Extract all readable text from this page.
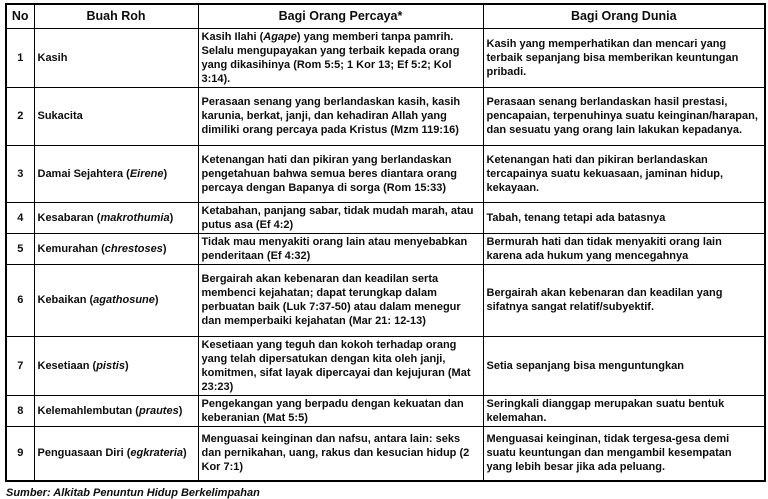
No	Buah Roh	Bagi Orang Percaya*	Bagi Orang Dunia
1	Kasih	Kasih Ilahi (Agape) yang memberi tanpa pamrih. Selalu mengupayakan yang terbaik kepada orang yang dikasihinya (Rom 5:5; 1 Kor 13; Ef 5:2; Kol 3:14).	Kasih yang memperhatikan dan mencari yang terbaik sepanjang bisa memberikan keuntungan pribadi.
2	Sukacita	Perasaan senang yang berlandaskan kasih, kasih karunia, berkat, janji, dan kehadiran Allah yang dimiliki orang percaya pada Kristus (Mzm 119:16)	Perasaan senang berlandaskan hasil prestasi, pencapaian, terpenuhinya suatu keinginan/harapan, dan sesuatu yang orang lain lakukan kepadanya.
3	Damai Sejahtera (Eirene)	Ketenangan hati dan pikiran yang berlandaskan pengetahuan bahwa semua beres diantara orang percaya dengan Bapanya di sorga (Rom 15:33)	Ketenangan hati dan pikiran berlandaskan tercapainya suatu kekuasaan, jaminan hidup, kekayaan.
4	Kesabaran (makrothumia)	Ketabahan, panjang sabar, tidak mudah marah, atau putus asa (Ef 4:2)	Tabah, tenang tetapi ada batasnya
5	Kemurahan (chrestoses)	Tidak mau menyakiti orang lain atau menyebabkan penderitaan (Ef 4:32)	Bermurah hati dan tidak menyakiti orang lain karena ada hukum yang mencegahnya
6	Kebaikan (agathosune)	Bergairah akan kebenaran dan keadilan serta membenci kejahatan; dapat terungkap dalam perbuatan baik (Luk 7:37-50) atau dalam menegur dan memperbaiki kejahatan (Mar 21: 12-13)	Bergairah akan kebenaran dan keadilan yang sifatnya sangat relatif/subyektif.
7	Kesetiaan (pistis)	Kesetiaan yang teguh dan kokoh terhadap orang yang telah dipersatukan dengan kita oleh janji, komitmen, sifat layak dipercayai dan kejujuran (Mat 23:23)	Setia sepanjang bisa menguntungkan
8	Kelemahlembutan (prautes)	Pengekangan yang berpadu dengan kekuatan dan keberanian (Mat 5:5)	Seringkali dianggap merupakan suatu bentuk kelemahan.
9	Penguasaan Diri (egkrateria)	Menguasai keinginan dan nafsu, antara lain: seks dan pernikahan, uang, rakus dan kesucian hidup (2 Kor 7:1)	Menguasai keinginan, tidak tergesa-gesa demi suatu keuntungan dan mengambil kesempatan yang lebih besar jika ada peluang.
Sumber: Alkitab Penuntun Hidup Berkelimpahan
